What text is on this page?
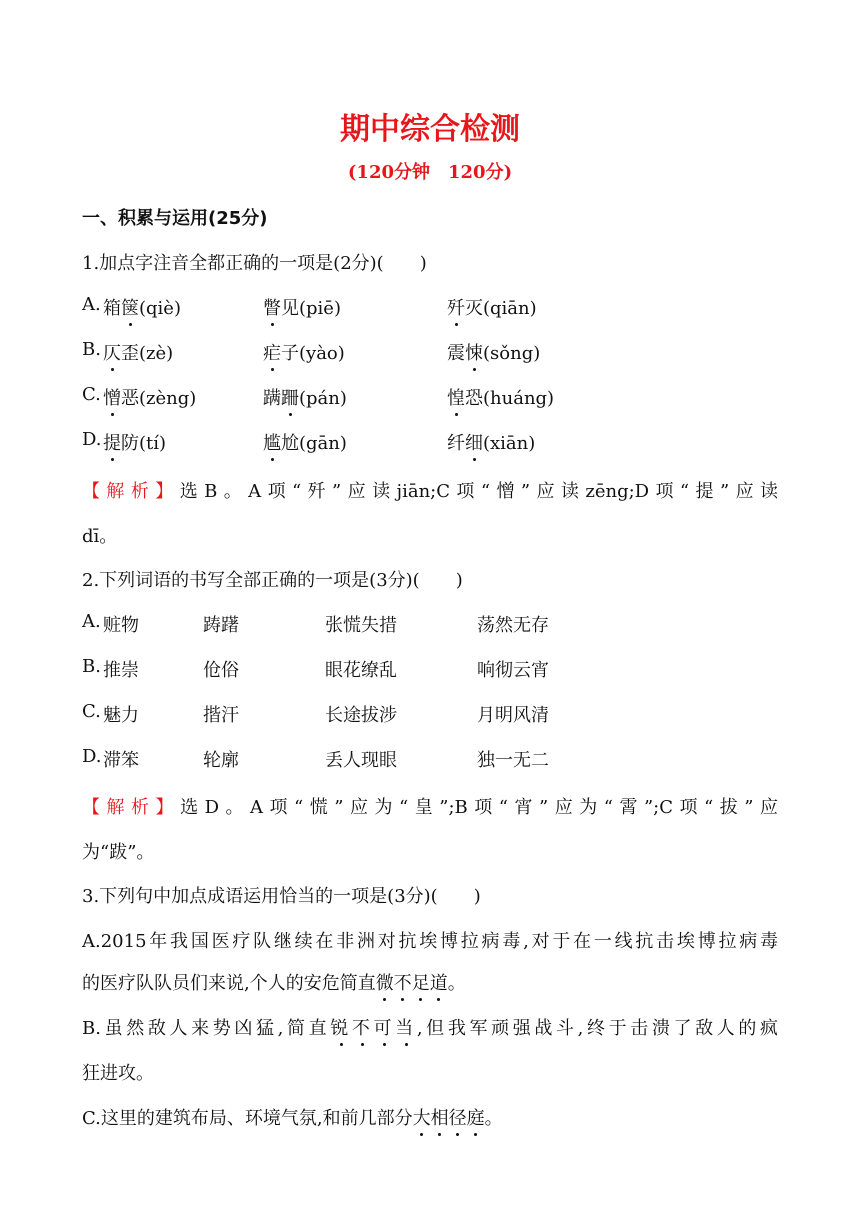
期中综合检测
(120分钟　120分)
一、积累与运用(25分)
1.加点字注音全都正确的一项是(2分)(　　)
A. 箱箧(qiè)	瞥见(piē)	歼灭(qiān)
B. 仄歪(zè)	疟子(yào)	震悚(sǒng)
C. 憎恶(zèng)	蹒跚(pán)	惶恐(huáng)
D. 提防(tí)	尴尬(gān)	纤细(xiān)
【解析】选B。A项“歼”应读jiān;C项“憎”应读zēng;D项“提”应读
dī。
2.下列词语的书写全部正确的一项是(3分)(　　)
A. 赃物	踌躇	张慌失措	荡然无存
B. 推崇	伧俗	眼花缭乱	响彻云宵
C. 魅力	揩汗	长途拔涉	月明风清
D. 滞笨	轮廓	丢人现眼	独一无二
【解析】选D。A项“慌”应为“皇”;B项“宵”应为“霄”;C项“拔”应
为“跋”。
3.下列句中加点成语运用恰当的一项是(3分)(　　)
A.2015年我国医疗队继续在非洲对抗埃博拉病毒,对于在一线抗击埃博拉病毒
的医疗队队员们来说,个人的安危简直微不足道。
B.虽然敌人来势凶猛,简直锐不可当,但我军顽强战斗,终于击溃了敌人的疯
狂进攻。
C.这里的建筑布局、环境气氛,和前几部分大相径庭。
